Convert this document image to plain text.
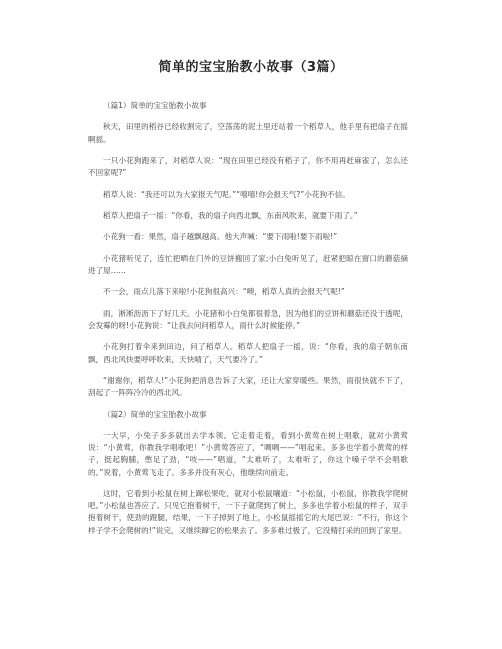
简单的宝宝胎教小故事（3篇）

（篇1）简单的宝宝胎教小故事

秋天，田里的稻谷已经收割完了，空荡荡的泥土里还站着一个稻草人，他手里有把扇子在摇啊摇。

一只小花狗跑来了，对稻草人说：“现在田里已经没有稻子了，你不用再赶麻雀了，怎么还不回家呢?”

稻草人说：“我还可以为大家报天气呢。”“嘻嘻!你会报天气?”小花狗不信。

稻草人把扇子一摇：“你看，我的扇子向西北飘，东南风吹来，就要下雨了。”

小花狗一看：果然，扇子越飘越高。他大声喊：“要下雨啦!要下雨啦!”

小花猪听见了，连忙把晒在门外的豆饼搬回了家;小白兔听见了，赶紧把晾在窗口的蘑菇摘进了屋……

不一会，雨点儿落下来啦!小花狗很高兴：“噢，稻草人真的会报天气呢!”

雨，淅淅沥沥下了好几天。小花猪和小白兔都很着急，因为他们的豆饼和蘑菇还没干透呢，会发霉的呀!小花狗说：“让我去问问稻草人，雨什么时候能停。”

小花狗打着伞来到田边，问了稻草人。稻草人把扇子一摇，说：“你看，我的扇子朝东南飘，西北风快要呼呼吹来，天快晴了，天气要冷了。”

“谢谢你，稻草人!”小花狗把消息告诉了大家，还让大家穿暖些。果然，雨很快就不下了，刮起了一阵阵冷冷的西北风。

（篇2）简单的宝宝胎教小故事

一大早，小兔子多多就出去学本领。它走着走着，看到小黄莺在树上唱歌，就对小黄莺说：“小黄莺，你教我学唱歌吧！”小黄莺答应了，“啁啁——”唱起来。多多也学着小黄莺的样子，挺起胸脯，憋足了劲，“吱——”唱道，“太难听了，太难听了，你这个嗓子学不会唱歌的。”说着，小黄莺飞走了。多多并没有灰心，他继续向前走。

这时，它看到小松鼠在树上蹿松果吃，就对小松鼠嚷道：“小松鼠，小松鼠，你教我学爬树吧。”小松鼠也答应了。只见它抱着树干，一下子就爬到了树上，多多也学着小松鼠的样子，双手抱着树干，使劲的蹬腿，结果，一下子掉到了地上，小松鼠摇摇它的大尾巴说：“不行，你这个样子学不会爬树的!”说完，又继续蹿它的松果去了。多多难过极了，它没精打采的回到了家里。
